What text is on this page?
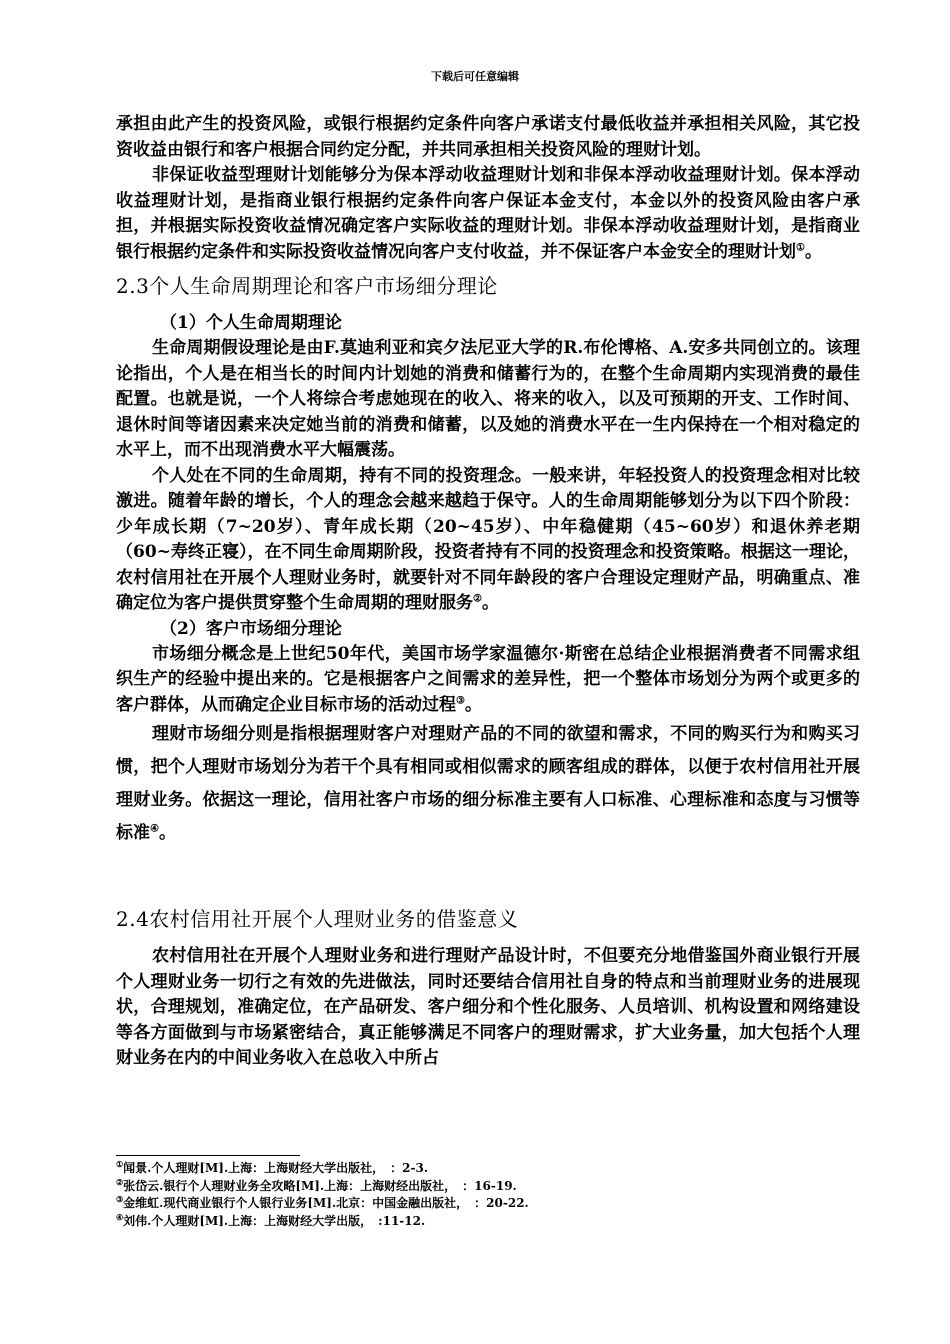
下载后可任意编辑

承担由此产生的投资风险，或银行根据约定条件向客户承诺支付最低收益并承担相关风险，其它投资收益由银行和客户根据合同约定分配，并共同承担相关投资风险的理财计划。

非保证收益型理财计划能够分为保本浮动收益理财计划和非保本浮动收益理财计划。保本浮动收益理财计划，是指商业银行根据约定条件向客户保证本金支付，本金以外的投资风险由客户承担，并根据实际投资收益情况确定客户实际收益的理财计划。非保本浮动收益理财计划，是指商业银行根据约定条件和实际投资收益情况向客户支付收益，并不保证客户本金安全的理财计划①。

2.3个人生命周期理论和客户市场细分理论

（1）个人生命周期理论

生命周期假设理论是由F.莫迪利亚和宾夕法尼亚大学的R.布伦博格、A.安多共同创立的。该理论指出，个人是在相当长的时间内计划她的消费和储蓄行为的，在整个生命周期内实现消费的最佳配置。也就是说，一个人将综合考虑她现在的收入、将来的收入，以及可预期的开支、工作时间、退休时间等诸因素来决定她当前的消费和储蓄，以及她的消费水平在一生内保持在一个相对稳定的水平上，而不出现消费水平大幅震荡。

个人处在不同的生命周期，持有不同的投资理念。一般来讲，年轻投资人的投资理念相对比较激进。随着年龄的增长，个人的理念会越来越趋于保守。人的生命周期能够划分为以下四个阶段：少年成长期（7~20岁）、青年成长期（20~45岁）、中年稳健期（45~60岁）和退休养老期（60~寿终正寝），在不同生命周期阶段，投资者持有不同的投资理念和投资策略。根据这一理论，农村信用社在开展个人理财业务时，就要针对不同年龄段的客户合理设定理财产品，明确重点、准确定位为客户提供贯穿整个生命周期的理财服务②。

（2）客户市场细分理论

市场细分概念是上世纪50年代，美国市场学家温德尔·斯密在总结企业根据消费者不同需求组织生产的经验中提出来的。它是根据客户之间需求的差异性，把一个整体市场划分为两个或更多的客户群体，从而确定企业目标市场的活动过程③。

理财市场细分则是指根据理财客户对理财产品的不同的欲望和需求，不同的购买行为和购买习惯，把个人理财市场划分为若干个具有相同或相似需求的顾客组成的群体，以便于农村信用社开展理财业务。依据这一理论，信用社客户市场的细分标准主要有人口标准、心理标准和态度与习惯等标准④。

2.4农村信用社开展个人理财业务的借鉴意义

农村信用社在开展个人理财业务和进行理财产品设计时，不但要充分地借鉴国外商业银行开展个人理财业务一切行之有效的先进做法，同时还要结合信用社自身的特点和当前理财业务的进展现状，合理规划，准确定位，在产品研发、客户细分和个性化服务、人员培训、机构设置和网络建设等各方面做到与市场紧密结合，真正能够满足不同客户的理财需求，扩大业务量，加大包括个人理财业务在内的中间业务收入在总收入中所占

①闻景.个人理财[M].上海：上海财经大学出版社，　：2-3.
②张岱云.银行个人理财业务全攻略[M].上海：上海财经出版社，　：16-19.
③金维虹.现代商业银行个人银行业务[M].北京：中国金融出版社，　：20-22.
④刘伟.个人理财[M].上海：上海财经大学出版，　:11-12.
